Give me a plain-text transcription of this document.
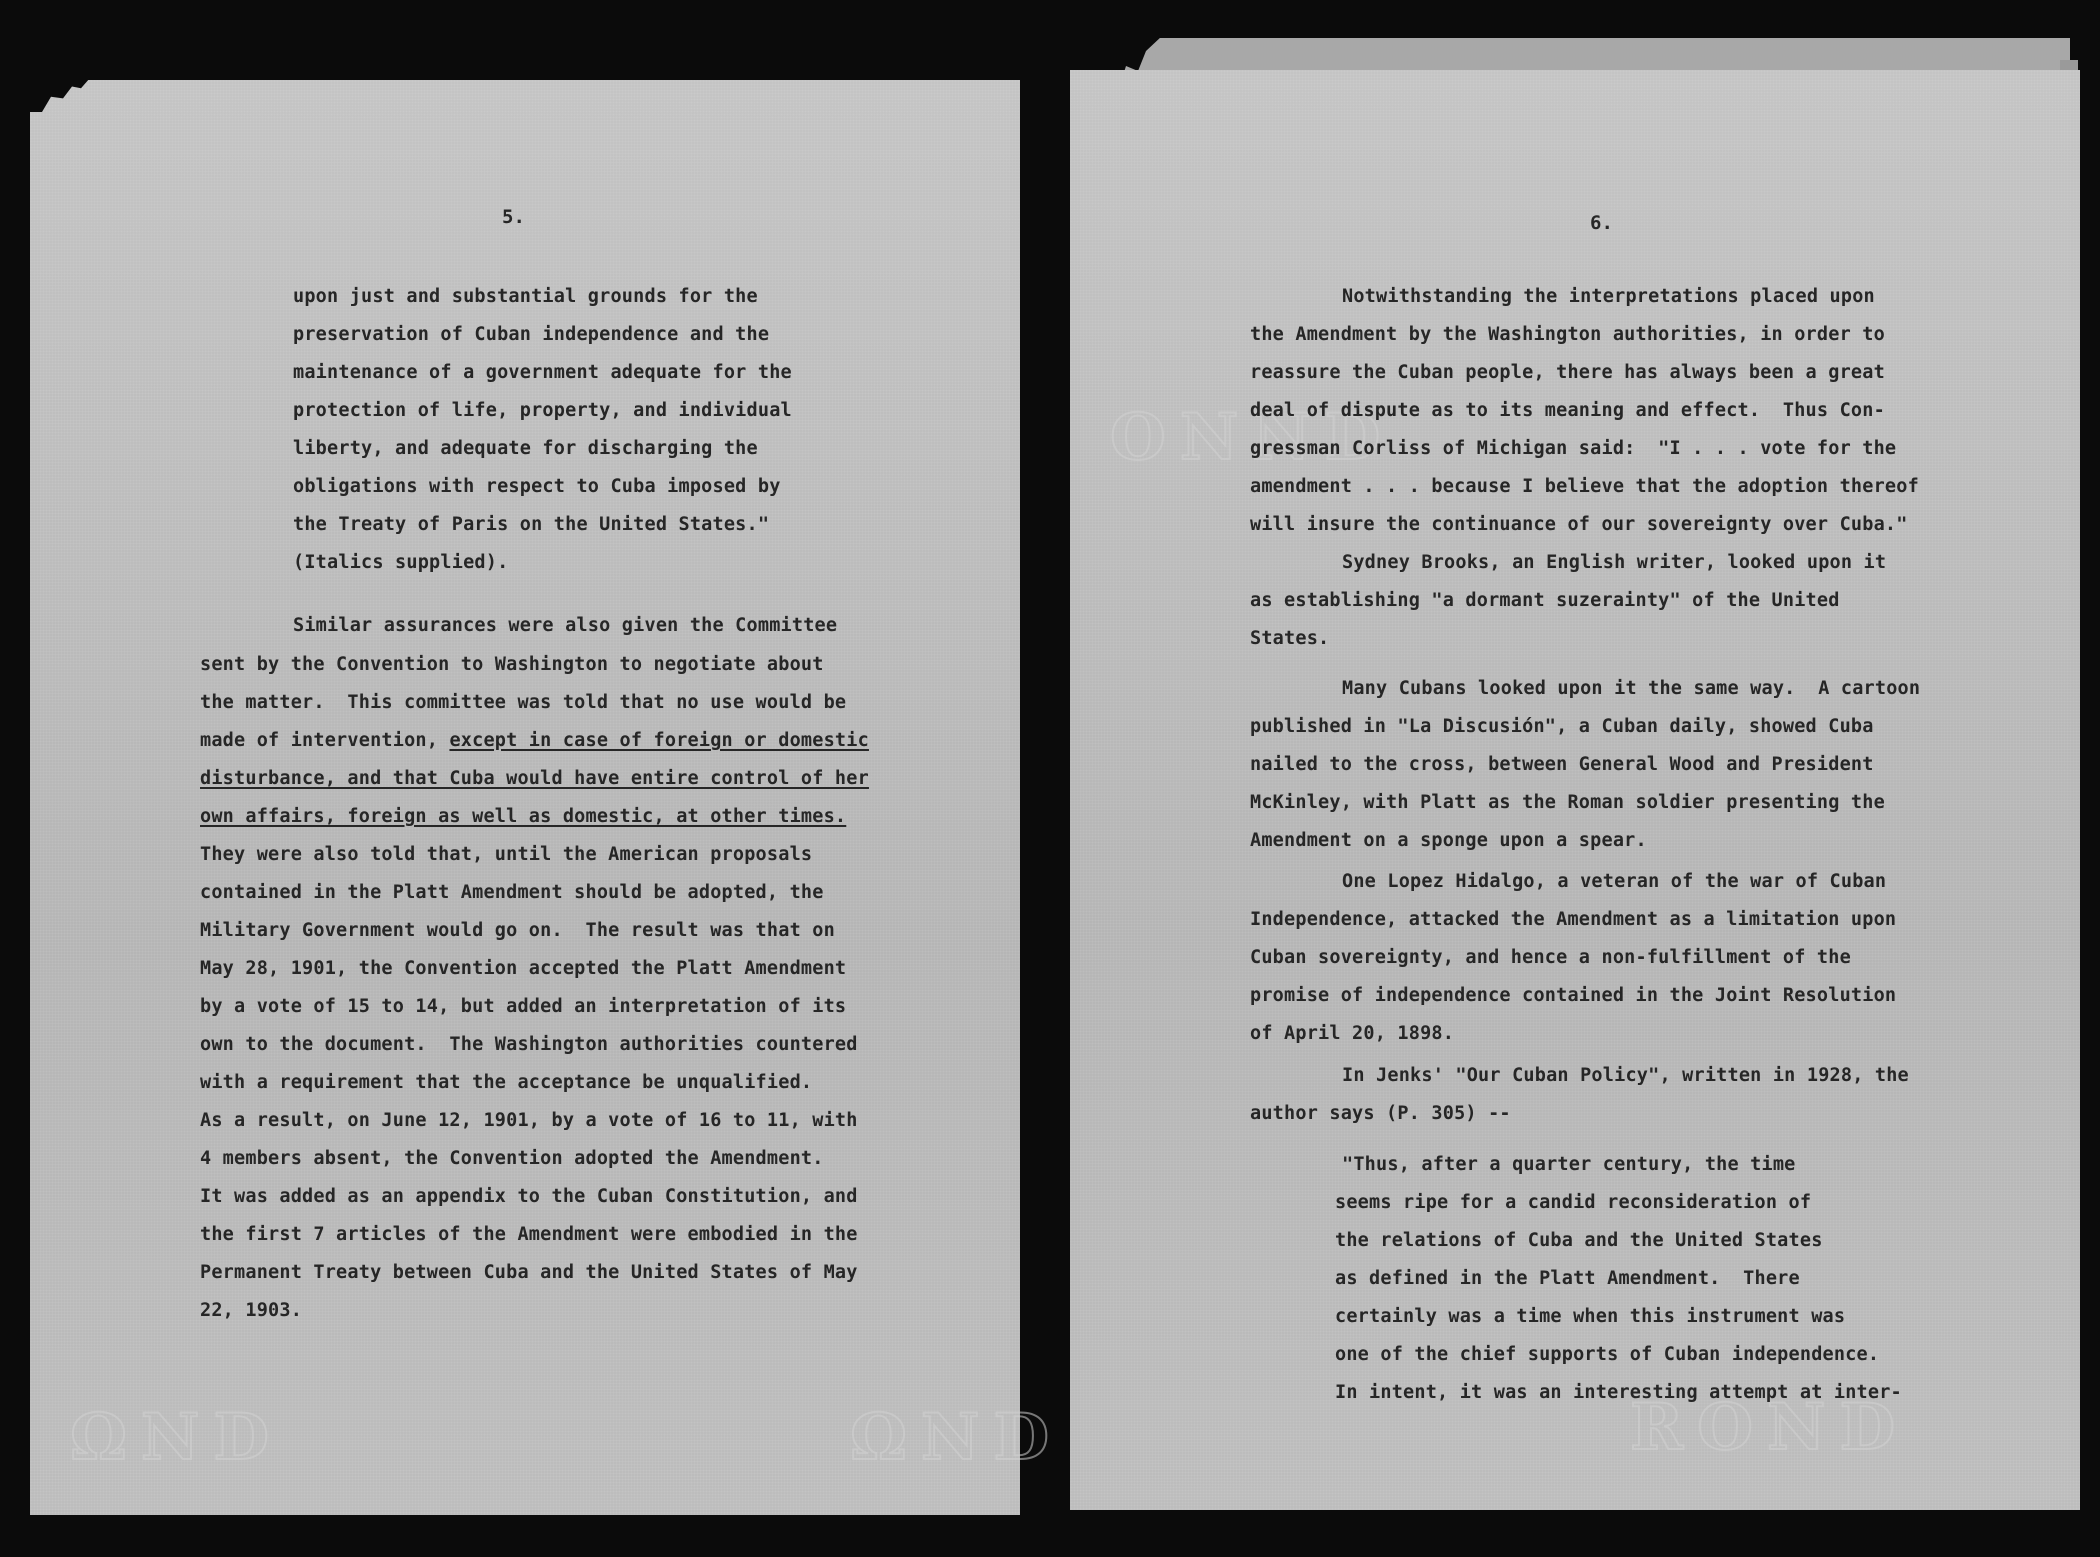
ΩND	ΩND
5.
upon just and substantial grounds for the
preservation of Cuban independence and the
maintenance of a government adequate for the
protection of life, property, and individual
liberty, and adequate for discharging the
obligations with respect to Cuba imposed by
the Treaty of Paris on the United States."
(Italics supplied).
Similar assurances were also given the Committee
sent by the Convention to Washington to negotiate about
the matter.  This committee was told that no use would be
made of intervention, except in case of foreign or domestic
disturbance, and that Cuba would have entire control of her
own affairs, foreign as well as domestic, at other times.
They were also told that, until the American proposals
contained in the Platt Amendment should be adopted, the
Military Government would go on.  The result was that on
May 28, 1901, the Convention accepted the Platt Amendment
by a vote of 15 to 14, but added an interpretation of its
own to the document.  The Washington authorities countered
with a requirement that the acceptance be unqualified.
As a result, on June 12, 1901, by a vote of 16 to 11, with
4 members absent, the Convention adopted the Amendment.
It was added as an appendix to the Cuban Constitution, and
the first 7 articles of the Amendment were embodied in the
Permanent Treaty between Cuba and the United States of May
22, 1903.
ONND
ROND
6.
Notwithstanding the interpretations placed upon
the Amendment by the Washington authorities, in order to
reassure the Cuban people, there has always been a great
deal of dispute as to its meaning and effect.  Thus Con-
gressman Corliss of Michigan said:  "I . . . vote for the
amendment . . . because I believe that the adoption thereof
will insure the continuance of our sovereignty over Cuba."
Sydney Brooks, an English writer, looked upon it
as establishing "a dormant suzerainty" of the United
States.
Many Cubans looked upon it the same way.  A cartoon
published in "La Discusión", a Cuban daily, showed Cuba
nailed to the cross, between General Wood and President
McKinley, with Platt as the Roman soldier presenting the
Amendment on a sponge upon a spear.
One Lopez Hidalgo, a veteran of the war of Cuban
Independence, attacked the Amendment as a limitation upon
Cuban sovereignty, and hence a non-fulfillment of the
promise of independence contained in the Joint Resolution
of April 20, 1898.
In Jenks' "Our Cuban Policy", written in 1928, the
author says (P. 305) --
"Thus, after a quarter century, the time
seems ripe for a candid reconsideration of
the relations of Cuba and the United States
as defined in the Platt Amendment.  There
certainly was a time when this instrument was
one of the chief supports of Cuban independence.
In intent, it was an interesting attempt at inter-
